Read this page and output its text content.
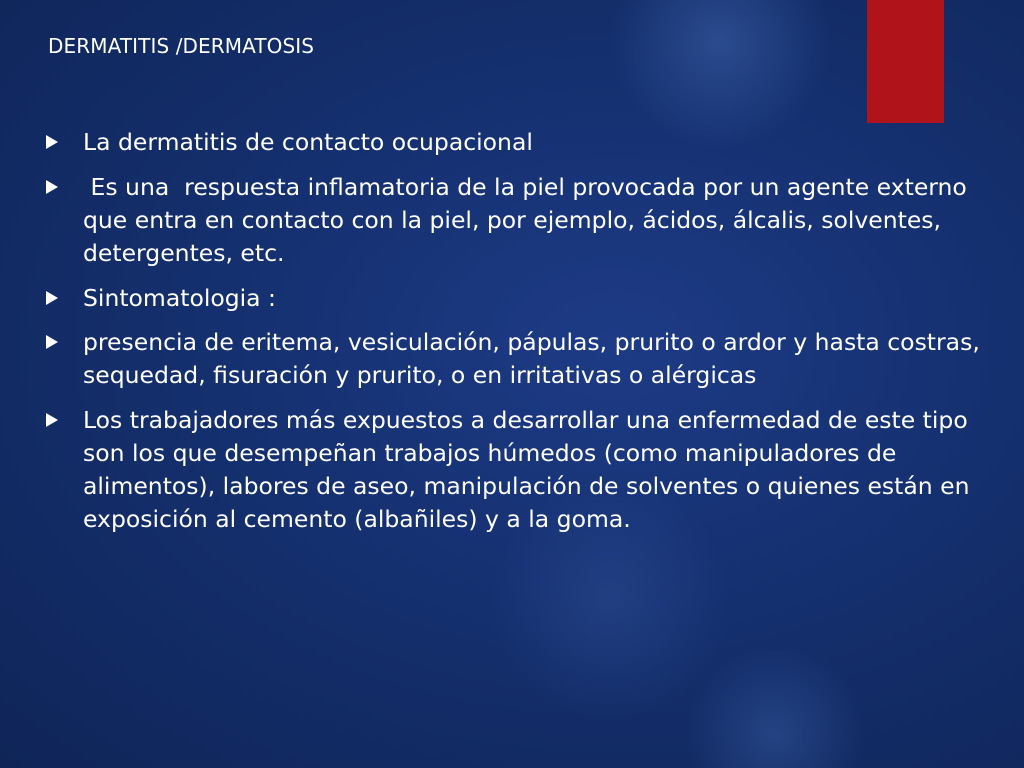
DERMATITIS /DERMATOSIS
La dermatitis de contacto ocupacional
Es una  respuesta inflamatoria de la piel provocada por un agente externo que entra en contacto con la piel, por ejemplo, ácidos, álcalis, solventes, detergentes, etc.
Sintomatologia :
presencia de eritema, vesiculación, pápulas, prurito o ardor y hasta costras, sequedad, fisuración y prurito, o en irritativas o alérgicas
Los trabajadores más expuestos a desarrollar una enfermedad de este tipo son los que desempeñan trabajos húmedos (como manipuladores de alimentos), labores de aseo, manipulación de solventes o quienes están en exposición al cemento (albañiles) y a la goma.
